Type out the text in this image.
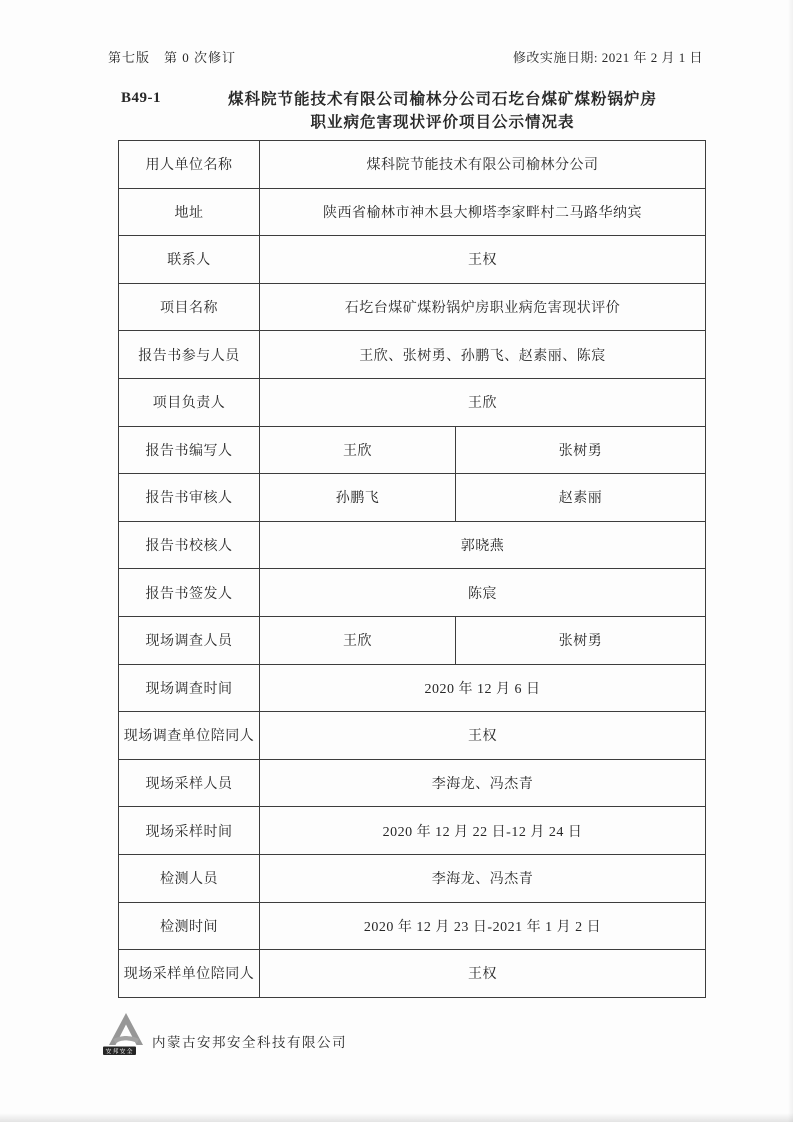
第七版　第 0 次修订	修改实施日期: 2021 年 2 月 1 日
B49-1	煤科院节能技术有限公司榆林分公司石圪台煤矿煤粉锅炉房
职业病危害现状评价项目公示情况表
用人单位名称	煤科院节能技术有限公司榆林分公司	
地址	陕西省榆林市神木县大柳塔李家畔村二马路华纳宾	
联系人	王权	
项目名称	石圪台煤矿煤粉锅炉房职业病危害现状评价	
报告书参与人员	王欣、张树勇、孙鹏飞、赵素丽、陈宸	
项目负责人	王欣	
报告书编写人	王欣	张树勇
报告书审核人	孙鹏飞	赵素丽
报告书校核人	郭晓燕	
报告书签发人	陈宸	
现场调查人员	王欣	张树勇
现场调查时间	2020 年 12 月 6 日	
现场调查单位陪同人	王权	
现场采样人员	李海龙、冯杰青	
现场采样时间	2020 年 12 月 22 日-12 月 24 日	
检测人员	李海龙、冯杰青	
检测时间	2020 年 12 月 23 日-2021 年 1 月 2 日	
现场采样单位陪同人	王权	
安邦安全
内蒙古安邦安全科技有限公司
